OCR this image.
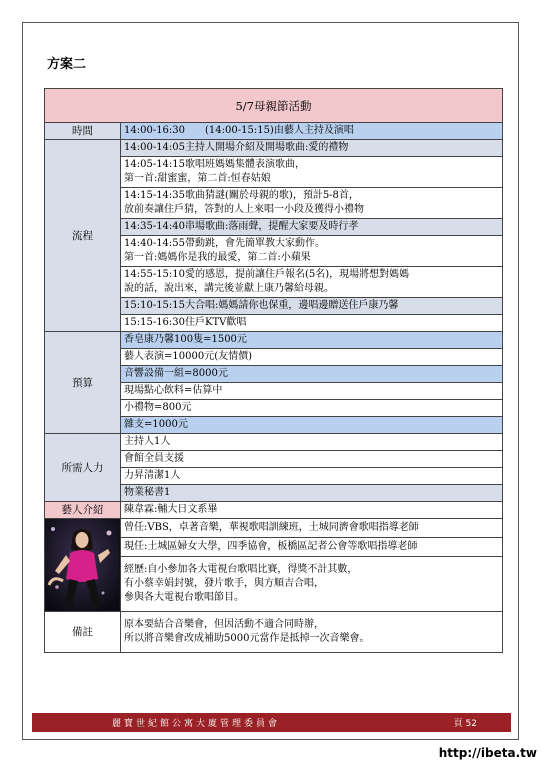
方案二
5/7母親節活動	
時間	14:00-16:30　　(14:00-15:15)由藝人主持及演唱
流程	14:00-14:05主持人開場介紹及開場歌曲:愛的禮物

	14:05-14:15歌唱班媽媽集體表演歌曲，
第一首:甜蜜蜜，第二首:恒春姑娘

	14:15-14:35歌曲猜謎(關於母親的歌)，預計5-8首，
放前奏讓住戶猜，答對的人上來唱一小段及獲得小禮物

	14:35-14:40串場歌曲:落雨聲，提醒大家要及時行孝

	14:40-14:55帶動跳，會先簡單教大家動作。
第一首:媽媽你是我的最愛，第二首:小蘋果

	14:55-15:10愛的感恩，提前讓住戶報名(5名)，現場將想對媽媽
說的話，說出來，講完後並獻上康乃馨給母親。

	15:10-15:15大合唱:媽媽請你也保重，邊唱邊贈送住戶康乃馨
	15:15-16:30住戶KTV歡唱
預算	香皂康乃馨100隻=1500元
	藝人表演=10000元(友情價)
	音響設備一組=8000元
	現場點心飲料=估算中
	小禮物=800元
	雜支=1000元
所需人力	主持人1人
	會館全員支援
	力昇清潔1人
	物業秘書1
藝人介紹	陳韋霖:輔大日文系畢

	曾任:VBS，卓著音樂，華視歌唱訓練班，土城同濟會歌唱指導老師
	現任:土城區婦女大學，四季協會，板橋區記者公會等歌唱指導老師

	經歷:自小參加各大電視台歌唱比賽，得獎不計其數，
有小蔡幸娟封號，發片歌手，與方順吉合唱，
參與各大電視台歌唱節目。

備註	原本要結合音樂會，但因活動不適合同時辦，
所以將音樂會改成補助5000元當作是抵掉一次音樂會。
麗寶世紀館公寓大廈管理委員會	頁 52
http://ibeta.tw
